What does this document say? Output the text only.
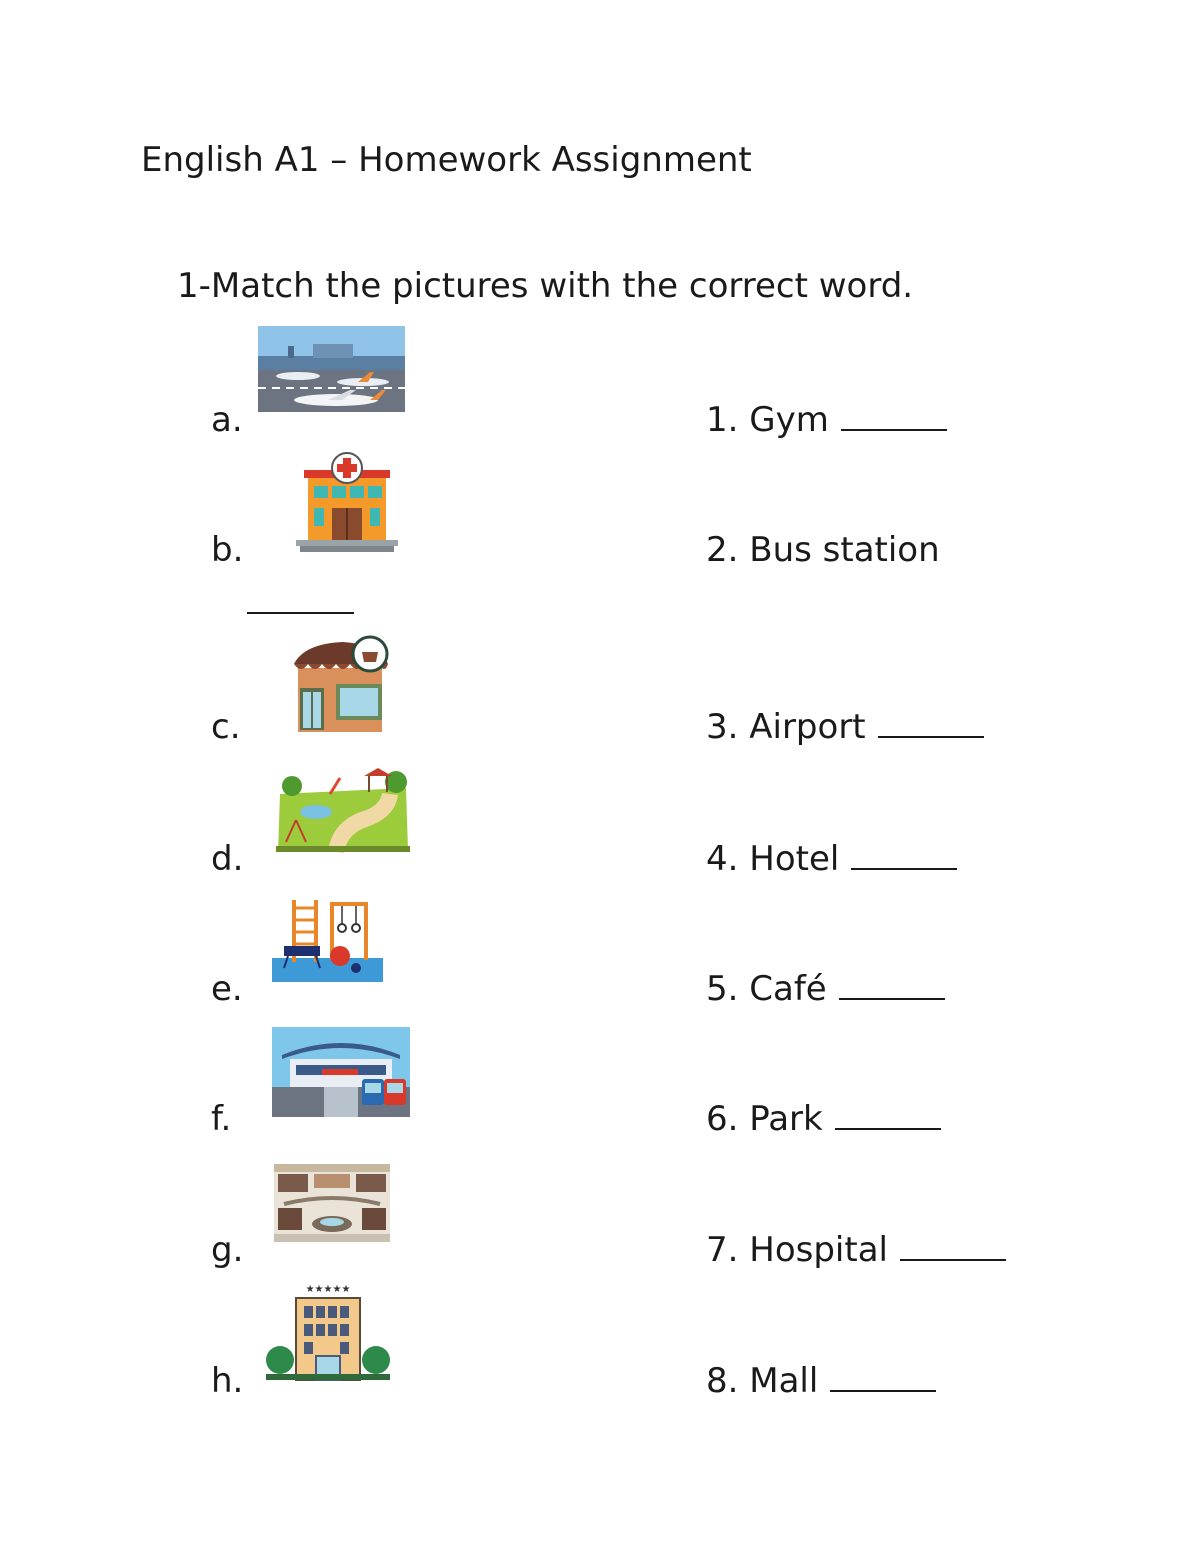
English A1 – Homework Assignment
1-Match the pictures with the correct word.
a.
b.
c.
d.
e.
f.
g.
h.
★★★★★
1. Gym
2. Bus station
3. Airport
4. Hotel
5. Café
6. Park
7. Hospital
8. Mall
